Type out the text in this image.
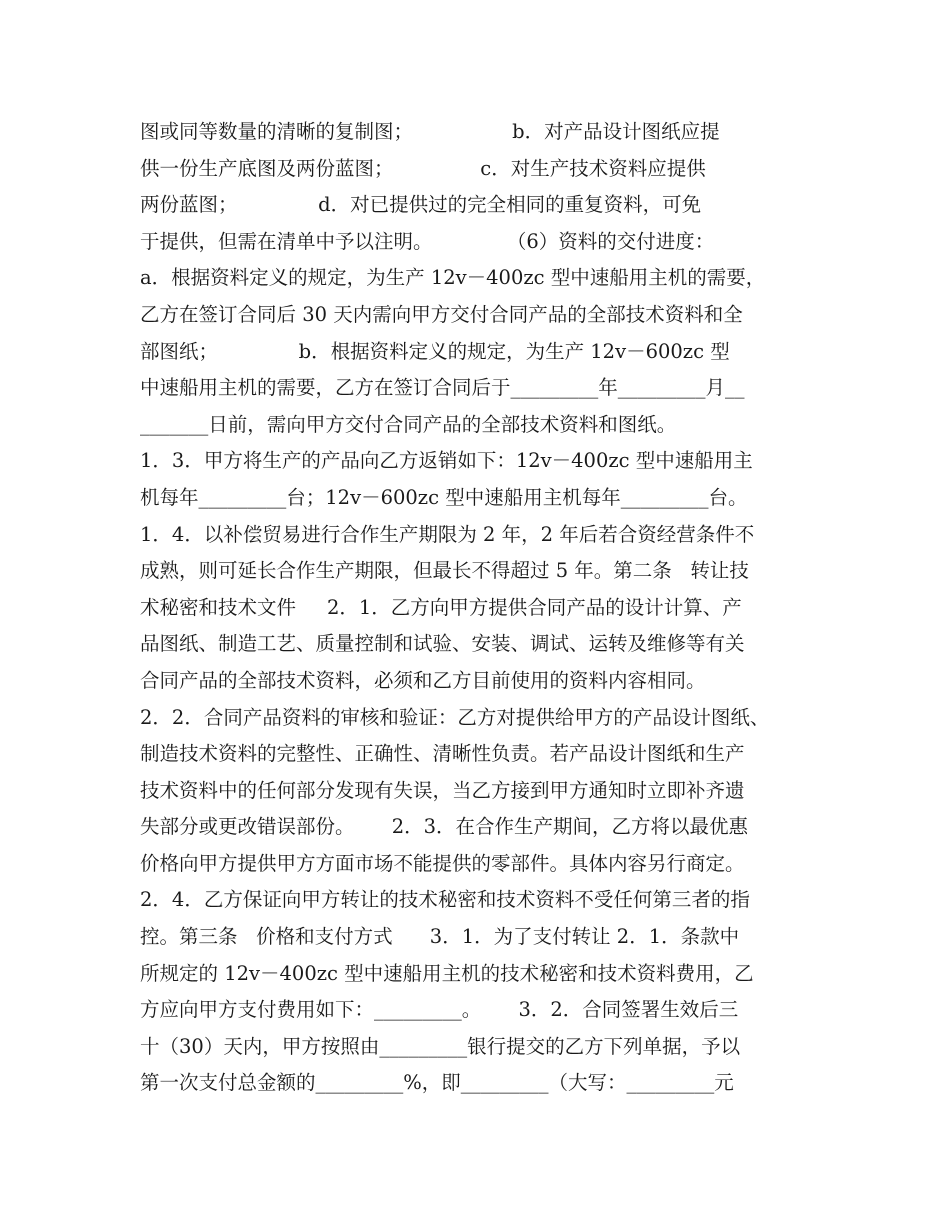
图或同等数量的清晰的复制图；                b．对产品设计图纸应提
供一份生产底图及两份蓝图；              c．对生产技术资料应提供
两份蓝图；             d．对已提供过的完全相同的重复资料，可免
于提供，但需在清单中予以注明。            （6）资料的交付进度：
a．根据资料定义的规定，为生产 12v－400zc 型中速船用主机的需要，
乙方在签订合同后 30 天内需向甲方交付合同产品的全部技术资料和全
部图纸；             b．根据资料定义的规定，为生产 12v－600zc 型
中速船用主机的需要，乙方在签订合同后于_________年_________月__
_______日前，需向甲方交付合同产品的全部技术资料和图纸。
1．3．甲方将生产的产品向乙方返销如下：12v－400zc 型中速船用主
机每年_________台；12v－600zc 型中速船用主机每年_________台。
1．4．以补偿贸易进行合作生产期限为 2 年，2 年后若合资经营条件不
成熟，则可延长合作生产期限，但最长不得超过 5 年。第二条   转让技
术秘密和技术文件     2．1．乙方向甲方提供合同产品的设计计算、产
品图纸、制造工艺、质量控制和试验、安装、调试、运转及维修等有关
合同产品的全部技术资料，必须和乙方目前使用的资料内容相同。
2．2．合同产品资料的审核和验证：乙方对提供给甲方的产品设计图纸、
制造技术资料的完整性、正确性、清晰性负责。若产品设计图纸和生产
技术资料中的任何部分发现有失误，当乙方接到甲方通知时立即补齐遗
失部分或更改错误部份。      2．3．在合作生产期间，乙方将以最优惠
价格向甲方提供甲方方面市场不能提供的零部件。具体内容另行商定。
2．4．乙方保证向甲方转让的技术秘密和技术资料不受任何第三者的指
控。第三条   价格和支付方式      3．1．为了支付转让 2．1．条款中
所规定的 12v－400zc 型中速船用主机的技术秘密和技术资料费用，乙
方应向甲方支付费用如下：_________。      3．2．合同签署生效后三
十（30）天内，甲方按照由_________银行提交的乙方下列单据，予以
第一次支付总金额的_________%，即_________（大写：_________元
